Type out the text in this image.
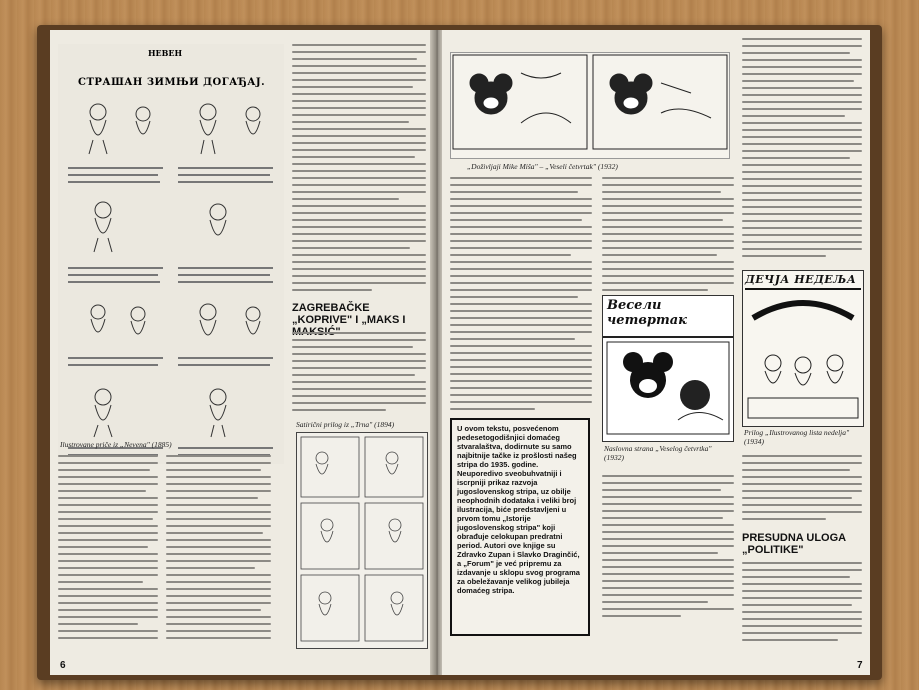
НЕВЕН
СТРАШАН ЗИМЊИ ДОГАЂАЈ.
Ilustrovane priče iz „Nevena" (1885)
ZAGREBAČKE „KOPRIVE" I „MAKS I
Satirični prilog iz „Trna" (1894)
6
„Doživljaji Mike Miša" – „Veseli četvrtak" (1932)
U ovom tekstu, posvećenom pedesetogodišnjici domaćeg stvaralaštva, dodirnute su samo najbitnije tačke iz prošlosti našeg stripa do 1935. godine. Neuporedivo sveobuhvatniji i iscrpniji prikaz razvoja jugoslovenskog stripa, uz obilje neophodnih dodataka i veliki broj ilustracija, biće predstavljeni u prvom tomu „Istorije jugoslovenskog stripa" koji obrađuje celokupan predratni period. Autori ove knjige su Zdravko Zupan i Slavko Draginčić, a „Forum" je već pripremu za izdavanje u sklopu svog programa za obeležavanje velikog jubileja domaćeg stripa.
Весели четвртак
Naslovna strana „Veselog četvrtka" (1932)
ДЕЧЈА НЕДЕЉА
Prilog „Ilustrovanog lista nedelja" (1934)
PRESUDNA ULOGA „POLITIKE"
7
